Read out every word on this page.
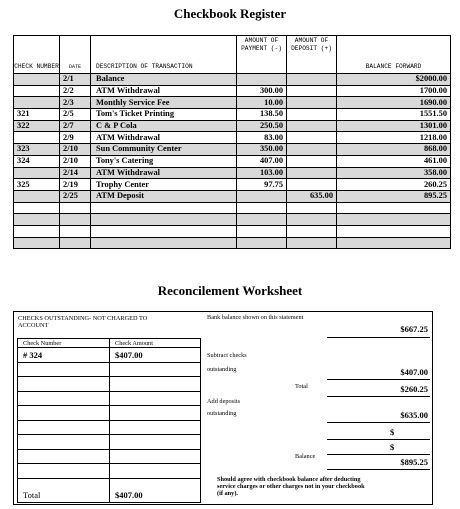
Checkbook Register
CHECK NUMBER	DATE	DESCRIPTION OF TRANSACTION	AMOUNT OF PAYMENT (-)	AMOUNT OF DEPOSIT (+)	BALANCE FORWARD
	2/1	Balance			$2000.00
	2/2	ATM Withdrawal	300.00		1700.00
	2/3	Monthly Service Fee	10.00		1690.00
321	2/5	Tom's Ticket Printing	138.50		1551.50
322	2/7	C & P Cola	250.50		1301.00
	2/9	ATM Withdrawal	83.00		1218.00
323	2/10	Sun Community Center	350.00		868.00
324	2/10	Tony's Catering	407.00		461.00
	2/14	ATM Withdrawal	103.00		358.00
325	2/19	Trophy Center	97.75		260.25
	2/25	ATM Deposit		635.00	895.25

Reconcilement Worksheet
CHECKS OUTSTANDING- NOT CHARGED TO ACCOUNT
Check Number	Check Amount
# 324	$407.00

Total	$407.00
Bank balance shown on this statement
$667.25
Subtract checks
outstanding	$407.00
Total	$260.25
Add deposits
outstanding	$635.00
$
$
Balance
$895.25
Should agree with checkbook balance after deducting service charges or other charges not in your checkbook (if any).
